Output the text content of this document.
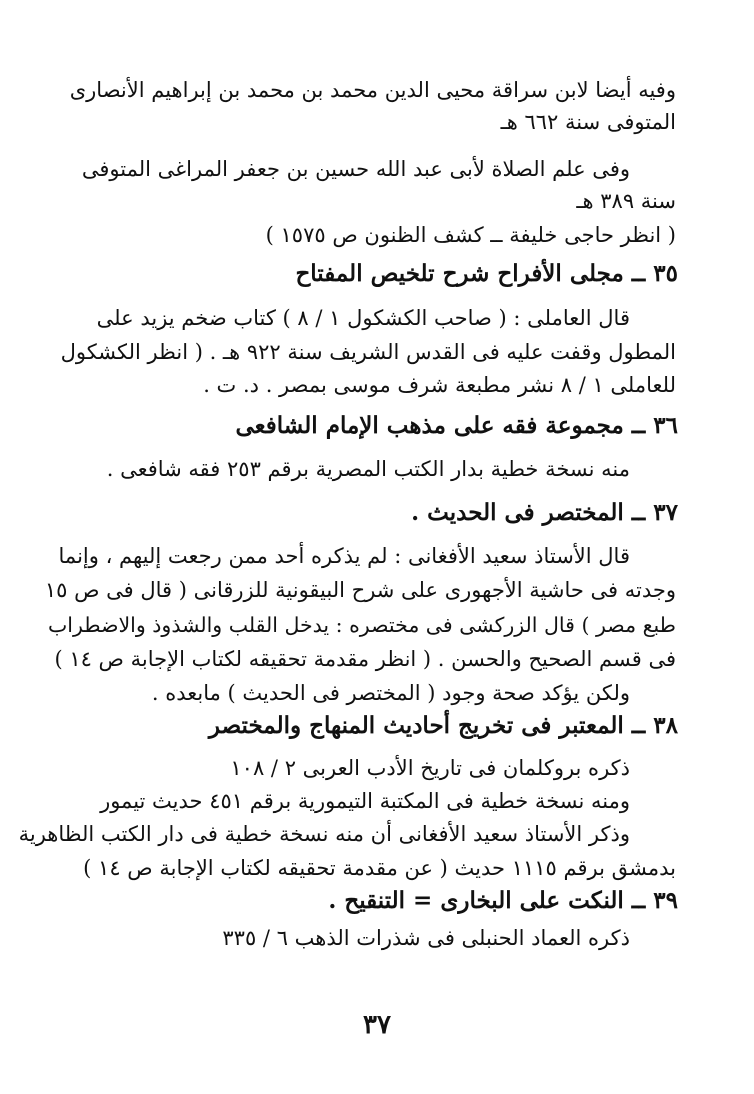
وفيه أيضا لابن سراقة محيى الدين محمد بن محمد بن إبراهيم الأنصارى
المتوفى سنة ٦٦٢ هـ
وفى علم الصلاة لأبى عبد الله حسين بن جعفر المراغى المتوفى
سنة ٣٨٩ هـ
( انظر حاجى خليفة ــ كشف الظنون ص ١٥٧٥ )
٣٥ ــ مجلى الأفراح شرح تلخيص المفتاح
قال العاملى : ( صاحب الكشكول ١ / ٨ ) كتاب ضخم يزيد على
المطول وقفت عليه فى القدس الشريف سنة ٩٢٢ هـ . ( انظر الكشكول
للعاملى ١ / ٨ نشر مطبعة شرف موسى بمصر . د. ت .
٣٦ ــ مجموعة فقه على مذهب الإمام الشافعى
منه نسخة خطية بدار الكتب المصرية برقم ٢٥٣ فقه شافعى .
٣٧ ــ المختصر فى الحديث .
قال الأستاذ سعيد الأفغانى : لم يذكره أحد ممن رجعت إليهم ، وإنما
وجدته فى حاشية الأجهورى على شرح البيقونية للزرقانى ( قال فى ص ١٥
طبع مصر ) قال الزركشى فى مختصره : يدخل القلب والشذوذ والاضطراب
فى قسم الصحيح والحسن . ( انظر مقدمة تحقيقه لكتاب الإجابة ص ١٤ )
ولكن يؤكد صحة وجود ( المختصر فى الحديث ) مابعده .
٣٨ ــ المعتبر فى تخريج أحاديث المنهاج والمختصر
ذكره بروكلمان فى تاريخ الأدب العربى ٢ / ١٠٨
ومنه نسخة خطية فى المكتبة التيمورية برقم ٤٥١ حديث تيمور
وذكر الأستاذ سعيد الأفغانى أن منه نسخة خطية فى دار الكتب الظاهرية
بدمشق برقم ١١١٥ حديث ( عن مقدمة تحقيقه لكتاب الإجابة ص ١٤ )
٣٩ ــ النكت على البخارى = التنقيح .
ذكره العماد الحنبلى فى شذرات الذهب ٦ / ٣٣٥
٣٧
